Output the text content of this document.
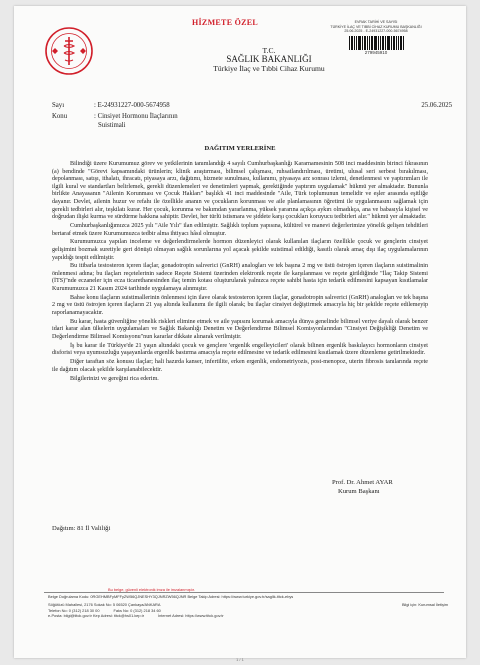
HİZMETE ÖZEL	EVRAK TARİHİ VE SAYISI
TÜRKİYE İLAÇ VE TIBBİ CİHAZ KURUMU BAŞKANLIĞI
25.06.2025 - E-24931227-000-5674958
279945910
T.C.
SAĞLIK BAKANLIĞI
Türkiye İlaç ve Tıbbi Cihaz Kurumu
Sayı	: E-24931227-000-5674958	25.06.2025
Konu	: Cinsiyet Hormonu İlaçlarının
Suistimali
DAĞITIM YERLERİNE

Bilindiği üzere Kurumumuz görev ve yetkilerinin tanımlandığı 4 sayılı Cumhurbaşkanlığı Kararnamesinin 508 inci maddesinin birinci fıkrasının (a) bendinde "Görevi kapsamındaki ürünlerin; klinik araştırması, bilimsel çalışması, ruhsatlandırılması, üretimi, ulusal seri serbest bırakılması, depolanması, satışı, ithalatı, ihracatı, piyasaya arzı, dağıtımı, hizmete sunulması, kullanımı, piyasaya arz sonrası izlemi, denetlenmesi ve yaptırımları ile ilgili kural ve standartları belirlemek, gerekli düzenlemeleri ve denetimleri yapmak, gerektiğinde yaptırım uygulamak" hükmü yer almaktadır. Bununla birlikte Anayasanın "Ailenin Korunması ve Çocuk Hakları" başlıklı 41 inci maddesinde "Aile, Türk toplumunun temelidir ve eşler arasında eşitliğe dayanır. Devlet, ailenin huzur ve refahı ile özellikle ananın ve çocukların korunması ve aile planlamasının öğretimi ile uygulanmasını sağlamak için gerekli tedbirleri alır, teşkilatı kurar. Her çocuk, korunma ve bakımdan yararlanma, yüksek yararına açıkça aykırı olmadıkça, ana ve babasıyla kişisel ve doğrudan ilişki kurma ve sürdürme hakkına sahiptir. Devlet, her türlü istismara ve şiddete karşı çocukları koruyucu tedbirleri alır." hükmü yer almaktadır.

Cumhurbaşkanlığımızca 2025 yılı "Aile Yılı" ilan edilmiştir. Sağlıklı toplum yapısına, kültürel ve manevi değerlerimize yönelik gelişen tehditleri bertaraf etmek üzere Kurumumuzca tedbir alma ihtiyacı hâsıl olmuştur.

Kurumumuzca yapılan inceleme ve değerlendirmelerde hormon düzenleyici olarak kullanılan ilaçların özellikle çocuk ve gençlerin cinsiyet gelişimini bozmak suretiyle geri dönüşü olmayan sağlık sorunlarına yol açacak şekilde suistimal edildiği, kasıtlı olarak amaç dışı ilaç uygulamalarının yapıldığı tespit edilmiştir.

Bu itibarla testosteron içeren ilaçlar, gonadotropin salıverici (GnRH) analogları ve tek başına 2 mg ve üstü östrojen içeren ilaçların suistimalinin önlenmesi adına; bu ilaçları reçetelerinin sadece Reçete Sistemi üzerinden elektronik reçete ile karşılanması ve reçete girildiğinde "İlaç Takip Sistemi (İTS)"nde eczaneler için ecza ticarethanesinden ilaç temin kotası oluşturularak yalnızca reçete sahibi hasta için tedarik edilmesini kapsayan kısıtlamalar Kurumumuzca 21 Kasım 2024 tarihinde uygulamaya alınmıştır.

Bahse konu ilaçların suistimallerinin önlenmesi için ilave olarak testosteron içeren ilaçlar, gonadotropin salıverici (GnRH) analogları ve tek başına 2 mg ve üstü östrojen içeren ilaçların 21 yaş altında kullanımı ile ilgili olarak; bu ilaçlar cinsiyet değiştirmek amacıyla hiç bir şekilde reçete edilemeyip raporlanamayacaktır.

Bu karar, hasta güvenliğine yönelik riskleri elimine etmek ve aile yapısını korumak amacıyla dünya genelinde bilimsel veriye dayalı olarak benzer idari karar alan ülkelerin uygulamaları ve Sağlık Bakanlığı Denetim ve Değerlendirme Bilimsel Komisyonlarından "Cinsiyet Değişikliği Denetim ve Değerlendirme Bilimsel Komisyonu"nun kararlar dikkate alınarak verilmiştir.

İş bu karar ile Türkiye'de 21 yaşın altındaki çocuk ve gençlere 'ergenlik engelleyicileri' olarak bilinen ergenlik baskılayıcı hormonların cinsiyet disforisi veya uyumsuzluğu yaşayanlarda ergenlik bastırma amacıyla reçete edilmesine ve tedarik edilmesini kısıtlamak üzere düzenleme getirilmektedir.

Diğer taraftan söz konusu ilaçlar; hali hazırda kanser, infertilite, erken ergenlik, endometriyozis, post-menopoz, uterin fibrosis tanılarında reçete ile dağıtım olacak şekilde karşılanabilecektir.

Bilgilerinizi ve gereğini rica ederim.

Prof. Dr. Ahmet AYAR
Kurum Başkanı
Dağıtım: 81 İl Valiliği
Bu belge, güvenli elektronik imza ile imzalanmıştır.
Belge Doğrulama Kodu: 0RGEHMBFyMFFyZW56QJNESHY3QJNRZW56QJNR Belge Takip Adresi: https://www.turkiye.gov.tr/saglik-titck-ebys
Söğütözü Mahallesi, 2176 Sokak No: 5 06520 Çankaya/ANKARA	Bilgi için: Kurumsal İletişim
Telefon No: 0 (312) 218 30 00	Faks No: 0 (312) 218 34 60
e-Posta: bilgi@titck.gov.tr Kep Adresi: titck@hs01.kep.tr	İnternet Adresi: https://www.titck.gov.tr
1 / 1
